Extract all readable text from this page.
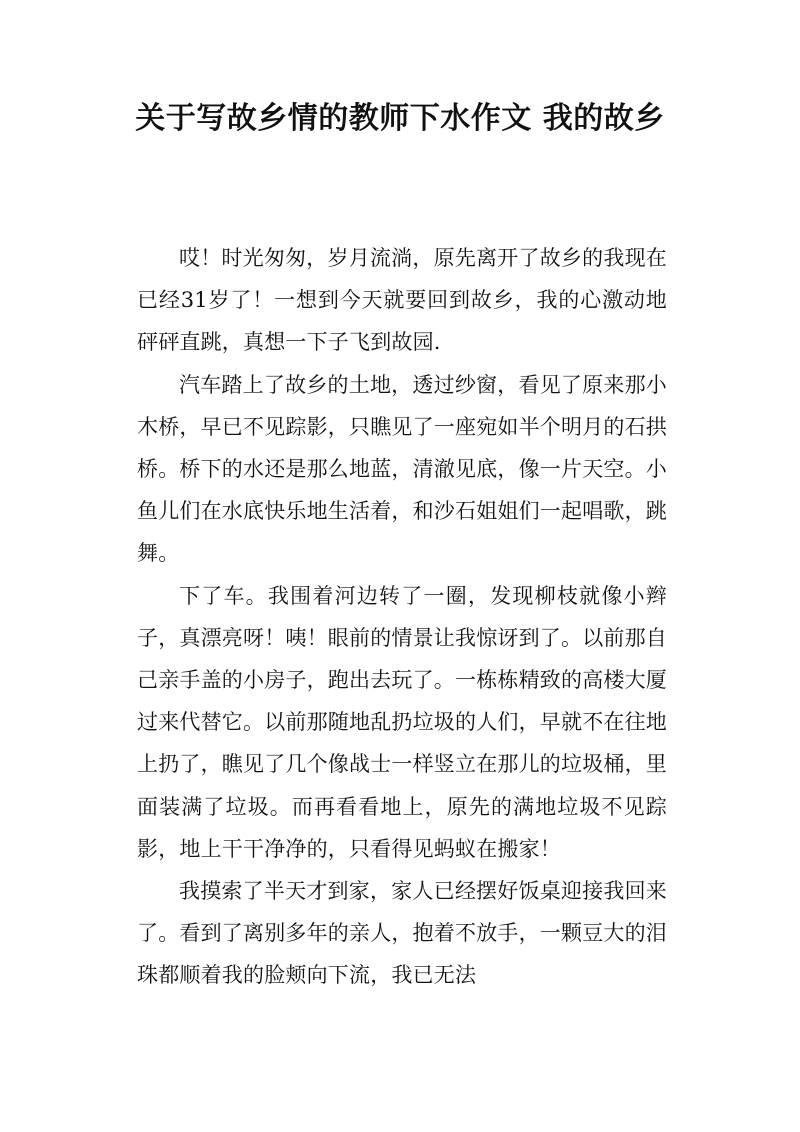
关于写故乡情的教师下水作文 我的故乡

哎！时光匆匆，岁月流淌，原先离开了故乡的我现在已经31岁了！一想到今天就要回到故乡，我的心激动地砰砰直跳，真想一下子飞到故园.

汽车踏上了故乡的土地，透过纱窗，看见了原来那小木桥，早已不见踪影，只瞧见了一座宛如半个明月的石拱桥。桥下的水还是那么地蓝，清澈见底，像一片天空。小鱼儿们在水底快乐地生活着，和沙石姐姐们一起唱歌，跳舞。

下了车。我围着河边转了一圈，发现柳枝就像小辫子，真漂亮呀！咦！眼前的情景让我惊讶到了。以前那自己亲手盖的小房子，跑出去玩了。一栋栋精致的高楼大厦过来代替它。以前那随地乱扔垃圾的人们，早就不在往地上扔了，瞧见了几个像战士一样竖立在那儿的垃圾桶，里面装满了垃圾。而再看看地上，原先的满地垃圾不见踪影，地上干干净净的，只看得见蚂蚁在搬家！

我摸索了半天才到家，家人已经摆好饭桌迎接我回来了。看到了离别多年的亲人，抱着不放手，一颗豆大的泪珠都顺着我的脸颊向下流，我已无法
